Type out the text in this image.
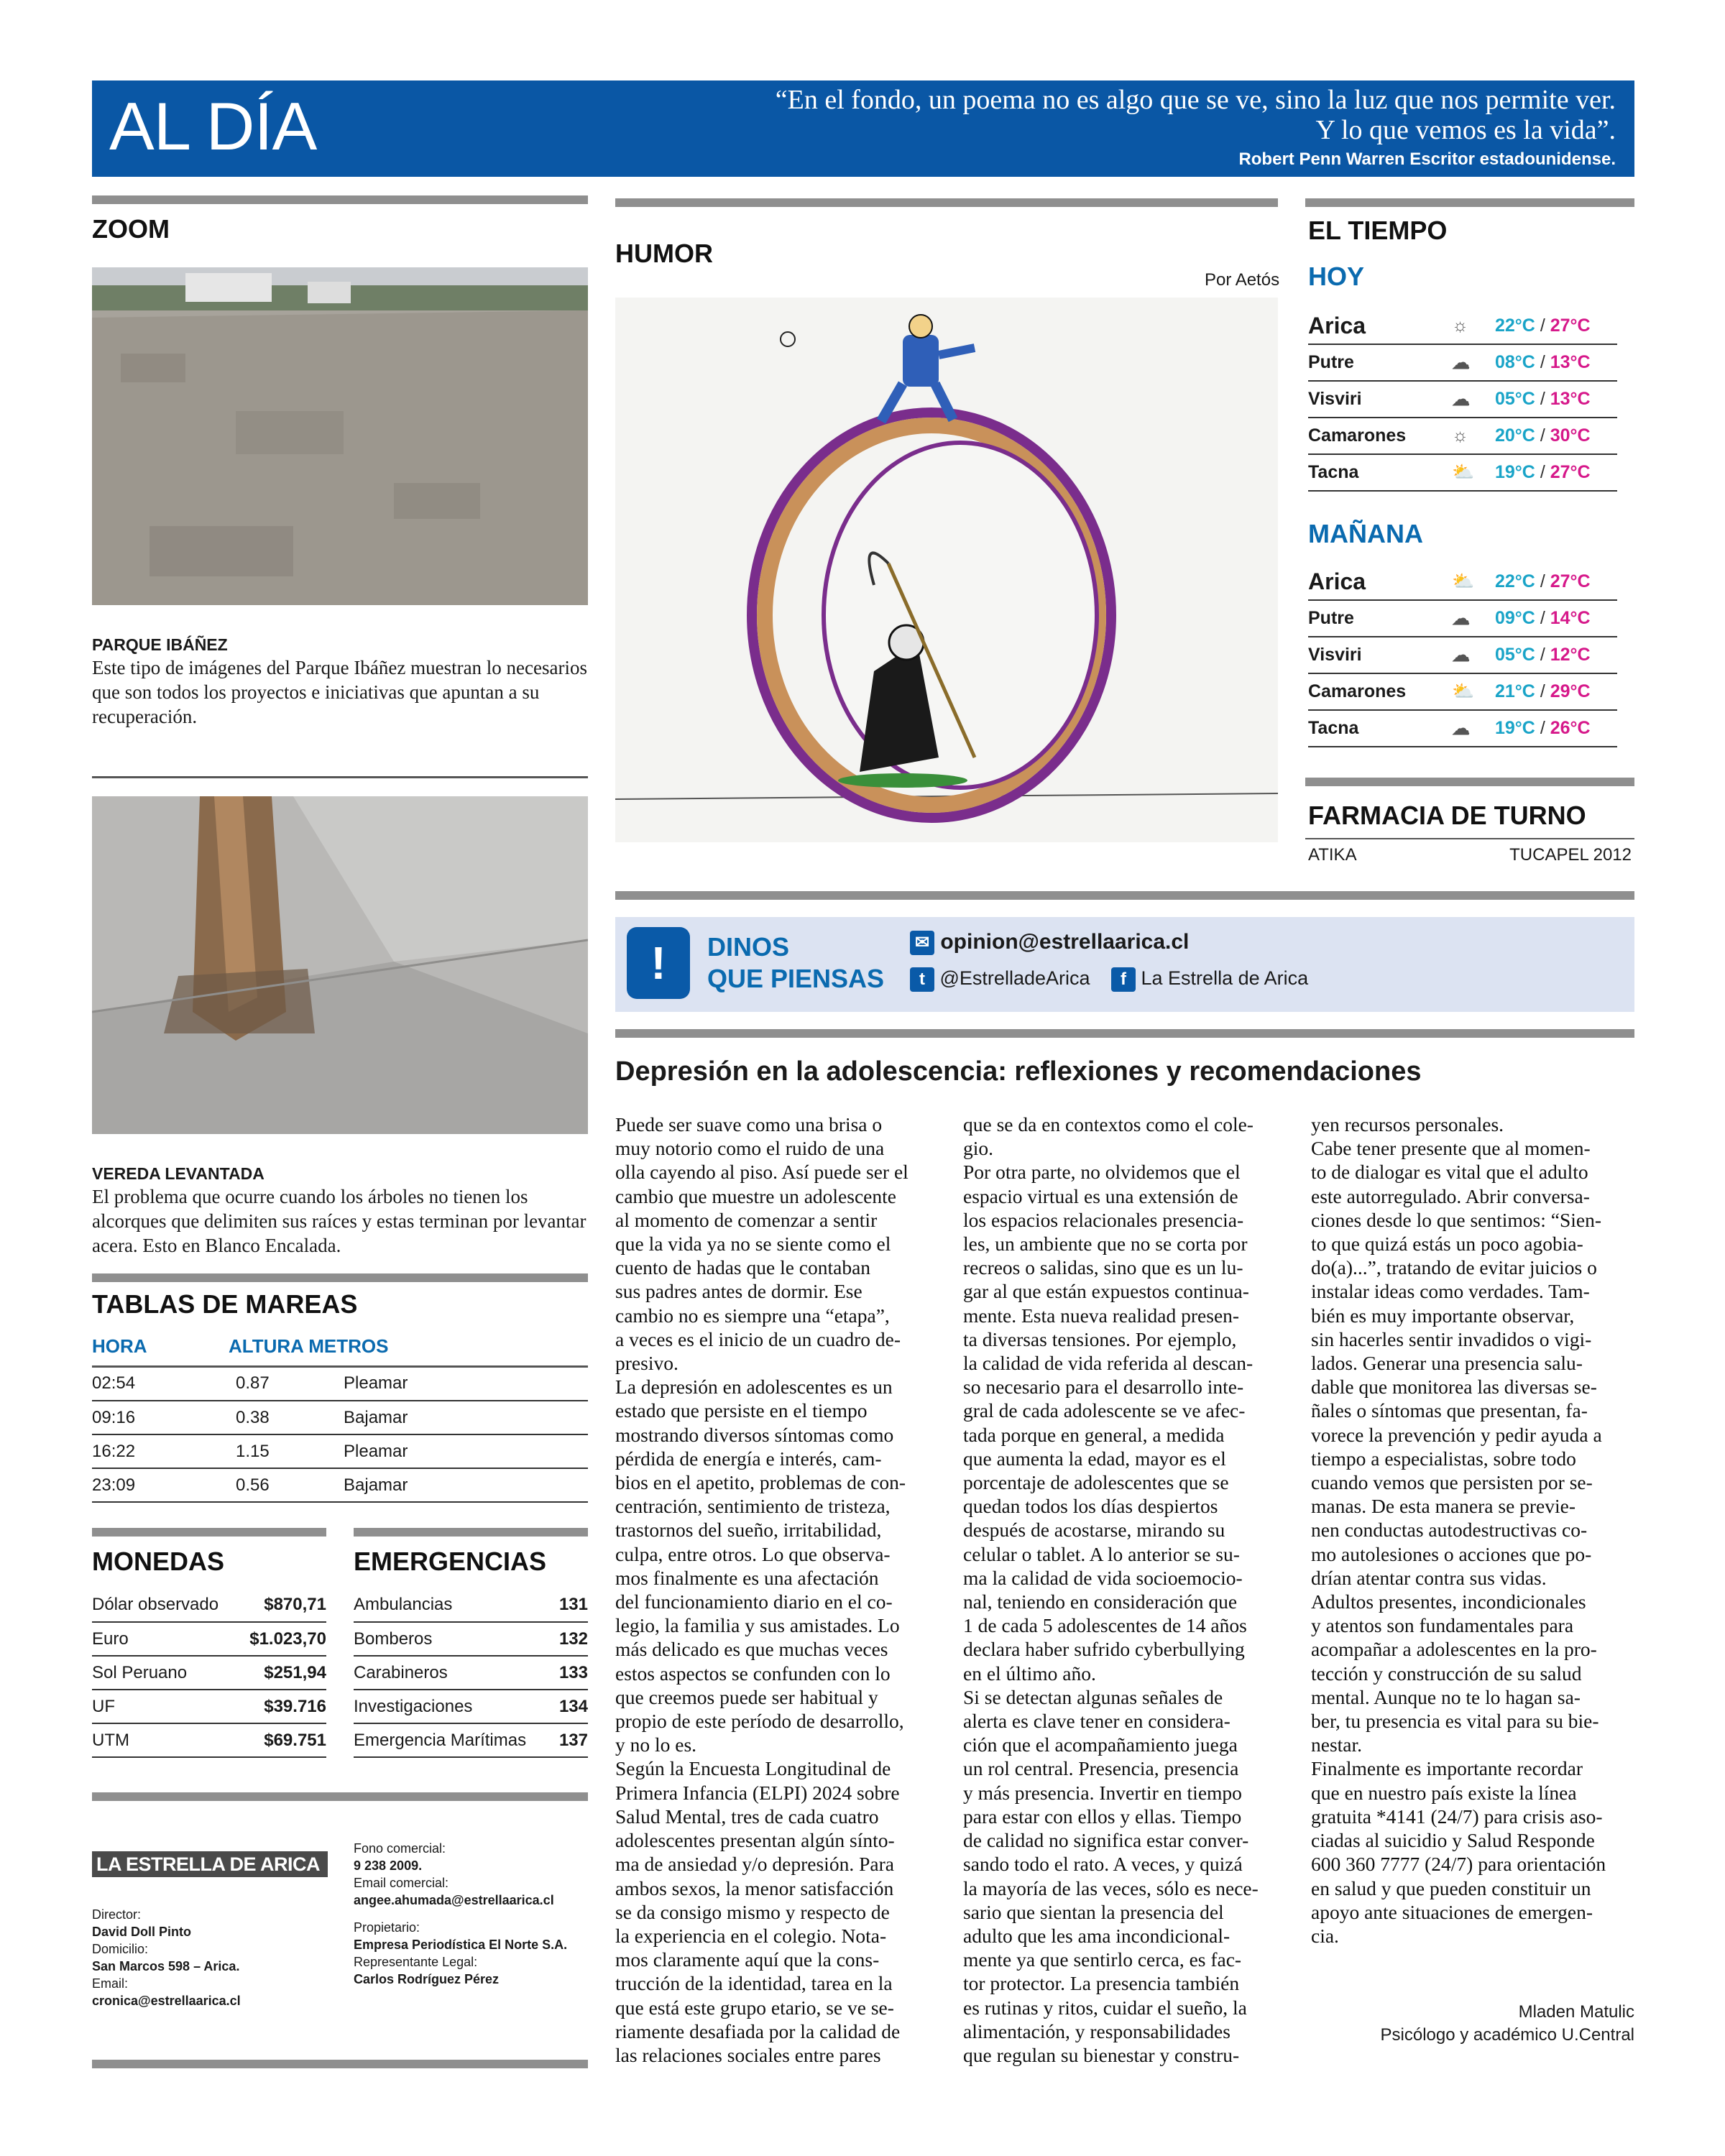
AL DÍA	“En el fondo, un poema no es algo que se ve, sino la luz que nos permite ver. Y lo que vemos es la vida”.
Robert Penn Warren Escritor estadounidense.
ZOOM
PARQUE IBÁÑEZ
Este tipo de imágenes del Parque Ibáñez muestran lo necesarios que son todos los proyectos e iniciativas que apuntan a su recuperación.
VEREDA LEVANTADA
El problema que ocurre cuando los árboles no tienen los alcorques que delimiten sus raíces y estas terminan por levantar acera. Esto en Blanco Encalada.
TABLAS DE MAREAS
HORA	ALTURA METROS
02:54	0.87	Pleamar
09:16	0.38	Bajamar
16:22	1.15	Pleamar
23:09	0.56	Bajamar
MONEDAS	EMERGENCIAS
Dólar observado	$870,71
Euro	$1.023,70
Sol Peruano	$251,94
UF	$39.716
UTM	$69.751
Ambulancias	131
Bomberos	132
Carabineros	133
Investigaciones	134
Emergencia Marítimas	137
LA ESTRELLA DE ARICA
Director:
David Doll Pinto
Domicilio:
San Marcos 598 – Arica.
Email:
cronica@estrellaarica.cl
Fono comercial:
9 238 2009.
Email comercial:
angee.ahumada@estrellaarica.cl
Propietario:
Empresa Periodística El Norte S.A.
Representante Legal:
Carlos Rodríguez Pérez
HUMOR
Por Aetós
EL TIEMPO
HOY
Arica	☼	22°C / 27°C
Putre	☁	08°C / 13°C
Visviri	☁	05°C / 13°C
Camarones	☼	20°C / 30°C
Tacna	⛅	19°C / 27°C
MAÑANA
Arica	⛅	22°C / 27°C
Putre	☁	09°C / 14°C
Visviri	☁	05°C / 12°C
Camarones	⛅	21°C / 29°C
Tacna	☁	19°C / 26°C
FARMACIA DE TURNO
ATIKA	TUCAPEL 2012
!	DINOS
QUE PIENSAS
✉ opinion@estrellaarica.cl
t @EstrelladeArica	f La Estrella de Arica
Depresión en la adolescencia: reflexiones y recomendaciones
Puede ser suave como una brisa o
muy notorio como el ruido de una
olla cayendo al piso. Así puede ser el
cambio que muestre un adolescente
al momento de comenzar a sentir
que la vida ya no se siente como el
cuento de hadas que le contaban
sus padres antes de dormir. Ese
cambio no es siempre una “etapa”,
a veces es el inicio de un cuadro de-
presivo.
La depresión en adolescentes es un
estado que persiste en el tiempo
mostrando diversos síntomas como
pérdida de energía e interés, cam-
bios en el apetito, problemas de con-
centración, sentimiento de tristeza,
trastornos del sueño, irritabilidad,
culpa, entre otros. Lo que observa-
mos finalmente es una afectación
del funcionamiento diario en el co-
legio, la familia y sus amistades. Lo
más delicado es que muchas veces
estos aspectos se confunden con lo
que creemos puede ser habitual y
propio de este período de desarrollo,
y no lo es.
Según la Encuesta Longitudinal de
Primera Infancia (ELPI) 2024 sobre
Salud Mental, tres de cada cuatro
adolescentes presentan algún sínto-
ma de ansiedad y/o depresión. Para
ambos sexos, la menor satisfacción
se da consigo mismo y respecto de
la experiencia en el colegio. Nota-
mos claramente aquí que la cons-
trucción de la identidad, tarea en la
que está este grupo etario, se ve se-
riamente desafiada por la calidad de
las relaciones sociales entre pares
que se da en contextos como el cole-
gio.
Por otra parte, no olvidemos que el
espacio virtual es una extensión de
los espacios relacionales presencia-
les, un ambiente que no se corta por
recreos o salidas, sino que es un lu-
gar al que están expuestos continua-
mente. Esta nueva realidad presen-
ta diversas tensiones. Por ejemplo,
la calidad de vida referida al descan-
so necesario para el desarrollo inte-
gral de cada adolescente se ve afec-
tada porque en general, a medida
que aumenta la edad, mayor es el
porcentaje de adolescentes que se
quedan todos los días despiertos
después de acostarse, mirando su
celular o tablet. A lo anterior se su-
ma la calidad de vida socioemocio-
nal, teniendo en consideración que
1 de cada 5 adolescentes de 14 años
declara haber sufrido cyberbullying
en el último año.
Si se detectan algunas señales de
alerta es clave tener en considera-
ción que el acompañamiento juega
un rol central. Presencia, presencia
y más presencia. Invertir en tiempo
para estar con ellos y ellas. Tiempo
de calidad no significa estar conver-
sando todo el rato. A veces, y quizá
la mayoría de las veces, sólo es nece-
sario que sientan la presencia del
adulto que les ama incondicional-
mente ya que sentirlo cerca, es fac-
tor protector. La presencia también
es rutinas y ritos, cuidar el sueño, la
alimentación, y responsabilidades
que regulan su bienestar y constru-
yen recursos personales.
Cabe tener presente que al momen-
to de dialogar es vital que el adulto
este autorregulado. Abrir conversa-
ciones desde lo que sentimos: “Sien-
to que quizá estás un poco agobia-
do(a)...”, tratando de evitar juicios o
instalar ideas como verdades. Tam-
bién es muy importante observar,
sin hacerles sentir invadidos o vigi-
lados. Generar una presencia salu-
dable que monitorea las diversas se-
ñales o síntomas que presentan, fa-
vorece la prevención y pedir ayuda a
tiempo a especialistas, sobre todo
cuando vemos que persisten por se-
manas. De esta manera se previe-
nen conductas autodestructivas co-
mo autolesiones o acciones que po-
drían atentar contra sus vidas.
Adultos presentes, incondicionales
y atentos son fundamentales para
acompañar a adolescentes en la pro-
tección y construcción de su salud
mental. Aunque no te lo hagan sa-
ber, tu presencia es vital para su bie-
nestar.
Finalmente es importante recordar
que en nuestro país existe la línea
gratuita *4141 (24/7) para crisis aso-
ciadas al suicidio y Salud Responde
600 360 7777 (24/7) para orientación
en salud y que pueden constituir un
apoyo ante situaciones de emergen-
cia.
Mladen Matulic
Psicólogo y académico U.Central
